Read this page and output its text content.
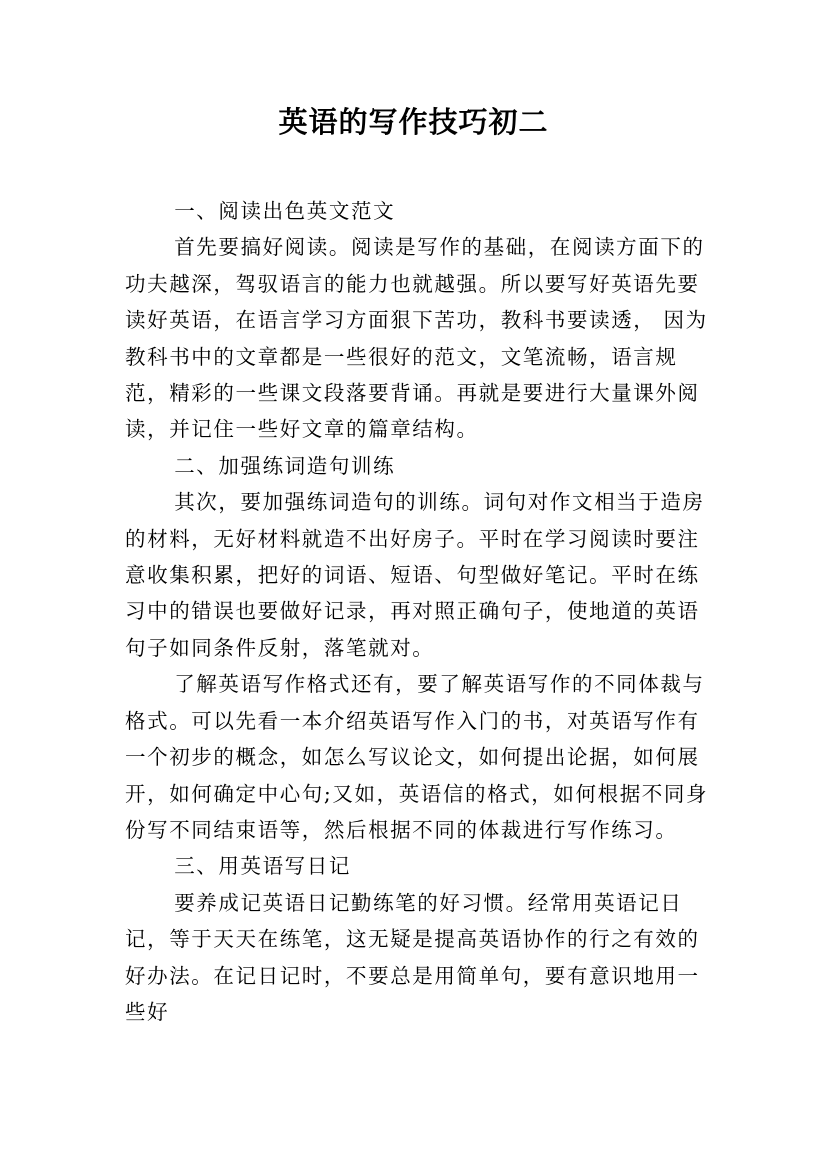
英语的写作技巧初二

一、阅读出色英文范文

首先要搞好阅读。阅读是写作的基础，在阅读方面下的功夫越深，驾驭语言的能力也就越强。所以要写好英语先要读好英语，在语言学习方面狠下苦功，教科书要读透， 因为教科书中的文章都是一些很好的范文，文笔流畅，语言规范，精彩的一些课文段落要背诵。再就是要进行大量课外阅读，并记住一些好文章的篇章结构。

二、加强练词造句训练

其次，要加强练词造句的训练。词句对作文相当于造房的材料，无好材料就造不出好房子。平时在学习阅读时要注意收集积累，把好的词语、短语、句型做好笔记。平时在练习中的错误也要做好记录，再对照正确句子，使地道的英语句子如同条件反射，落笔就对。

了解英语写作格式还有，要了解英语写作的不同体裁与格式。可以先看一本介绍英语写作入门的书，对英语写作有一个初步的概念，如怎么写议论文，如何提出论据，如何展开，如何确定中心句;又如，英语信的格式，如何根据不同身份写不同结束语等，然后根据不同的体裁进行写作练习。

三、用英语写日记

要养成记英语日记勤练笔的好习惯。经常用英语记日记，等于天天在练笔，这无疑是提高英语协作的行之有效的好办法。在记日记时，不要总是用简单句，要有意识地用一些好
